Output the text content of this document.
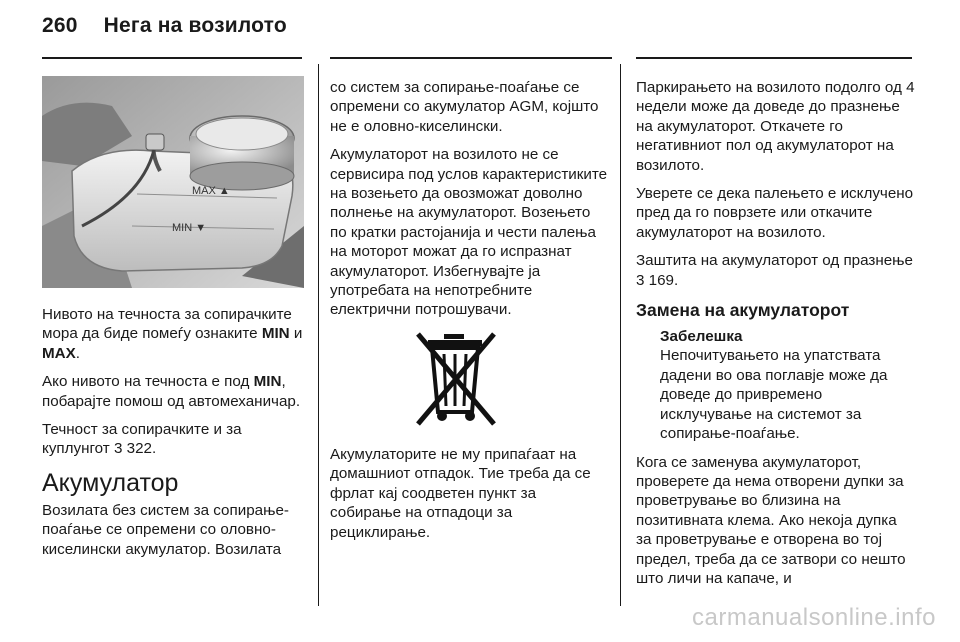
260 Нега на возилото
MAX ▲
MIN ▼

Нивото на течноста за сопирачките мора да биде помеѓу ознаките MIN и MAX.

Ако нивото на течноста е под MIN, побарајте помош од автомеханичар.

Течност за сопирачките и за куплунгот 3 322.

Акумулатор

Возилата без систем за сопирање-поаѓање се опремени со оловно-киселински акумулатор. Возилата

со систем за сопирање-поаѓање се опремени со акумулатор AGM, којшто не е оловно-киселински.

Акумулаторот на возилото не се сервисира под услов карактеристиките на возењето да овозможат доволно полнење на акумулаторот. Возењето по кратки растојанија и чести палења на моторот можат да го испразнат акумулаторот. Избегнувајте ја употребата на непотребните електрични потрошувачи.

Акумулаторите не му припаѓаат на домашниот отпадок. Тие треба да се фрлат кај соодветен пункт за собирање на отпадоци за рециклирање.

Паркирањето на возилото подолго од 4 недели може да доведе до празнење на акумулаторот. Откачете го негативниот пол од акумулаторот на возилото.

Уверете се дека палењето е исклучено пред да го поврзете или откачите акумулаторот на возилото.

Заштита на акумулаторот од празнење 3 169.

Замена на акумулаторот

Забелешка
Непочитувањето на упатствата дадени во ова поглавје може да доведе до привремено исклучување на системот за сопирање-поаѓање.

Кога се заменува акумулаторот, проверете да нема отворени дупки за проветрување во близина на позитивната клема. Ако некоја дупка за проветрување е отворена во тој предел, треба да се затвори со нешто што личи на капаче, и

carmanualsonline.info
